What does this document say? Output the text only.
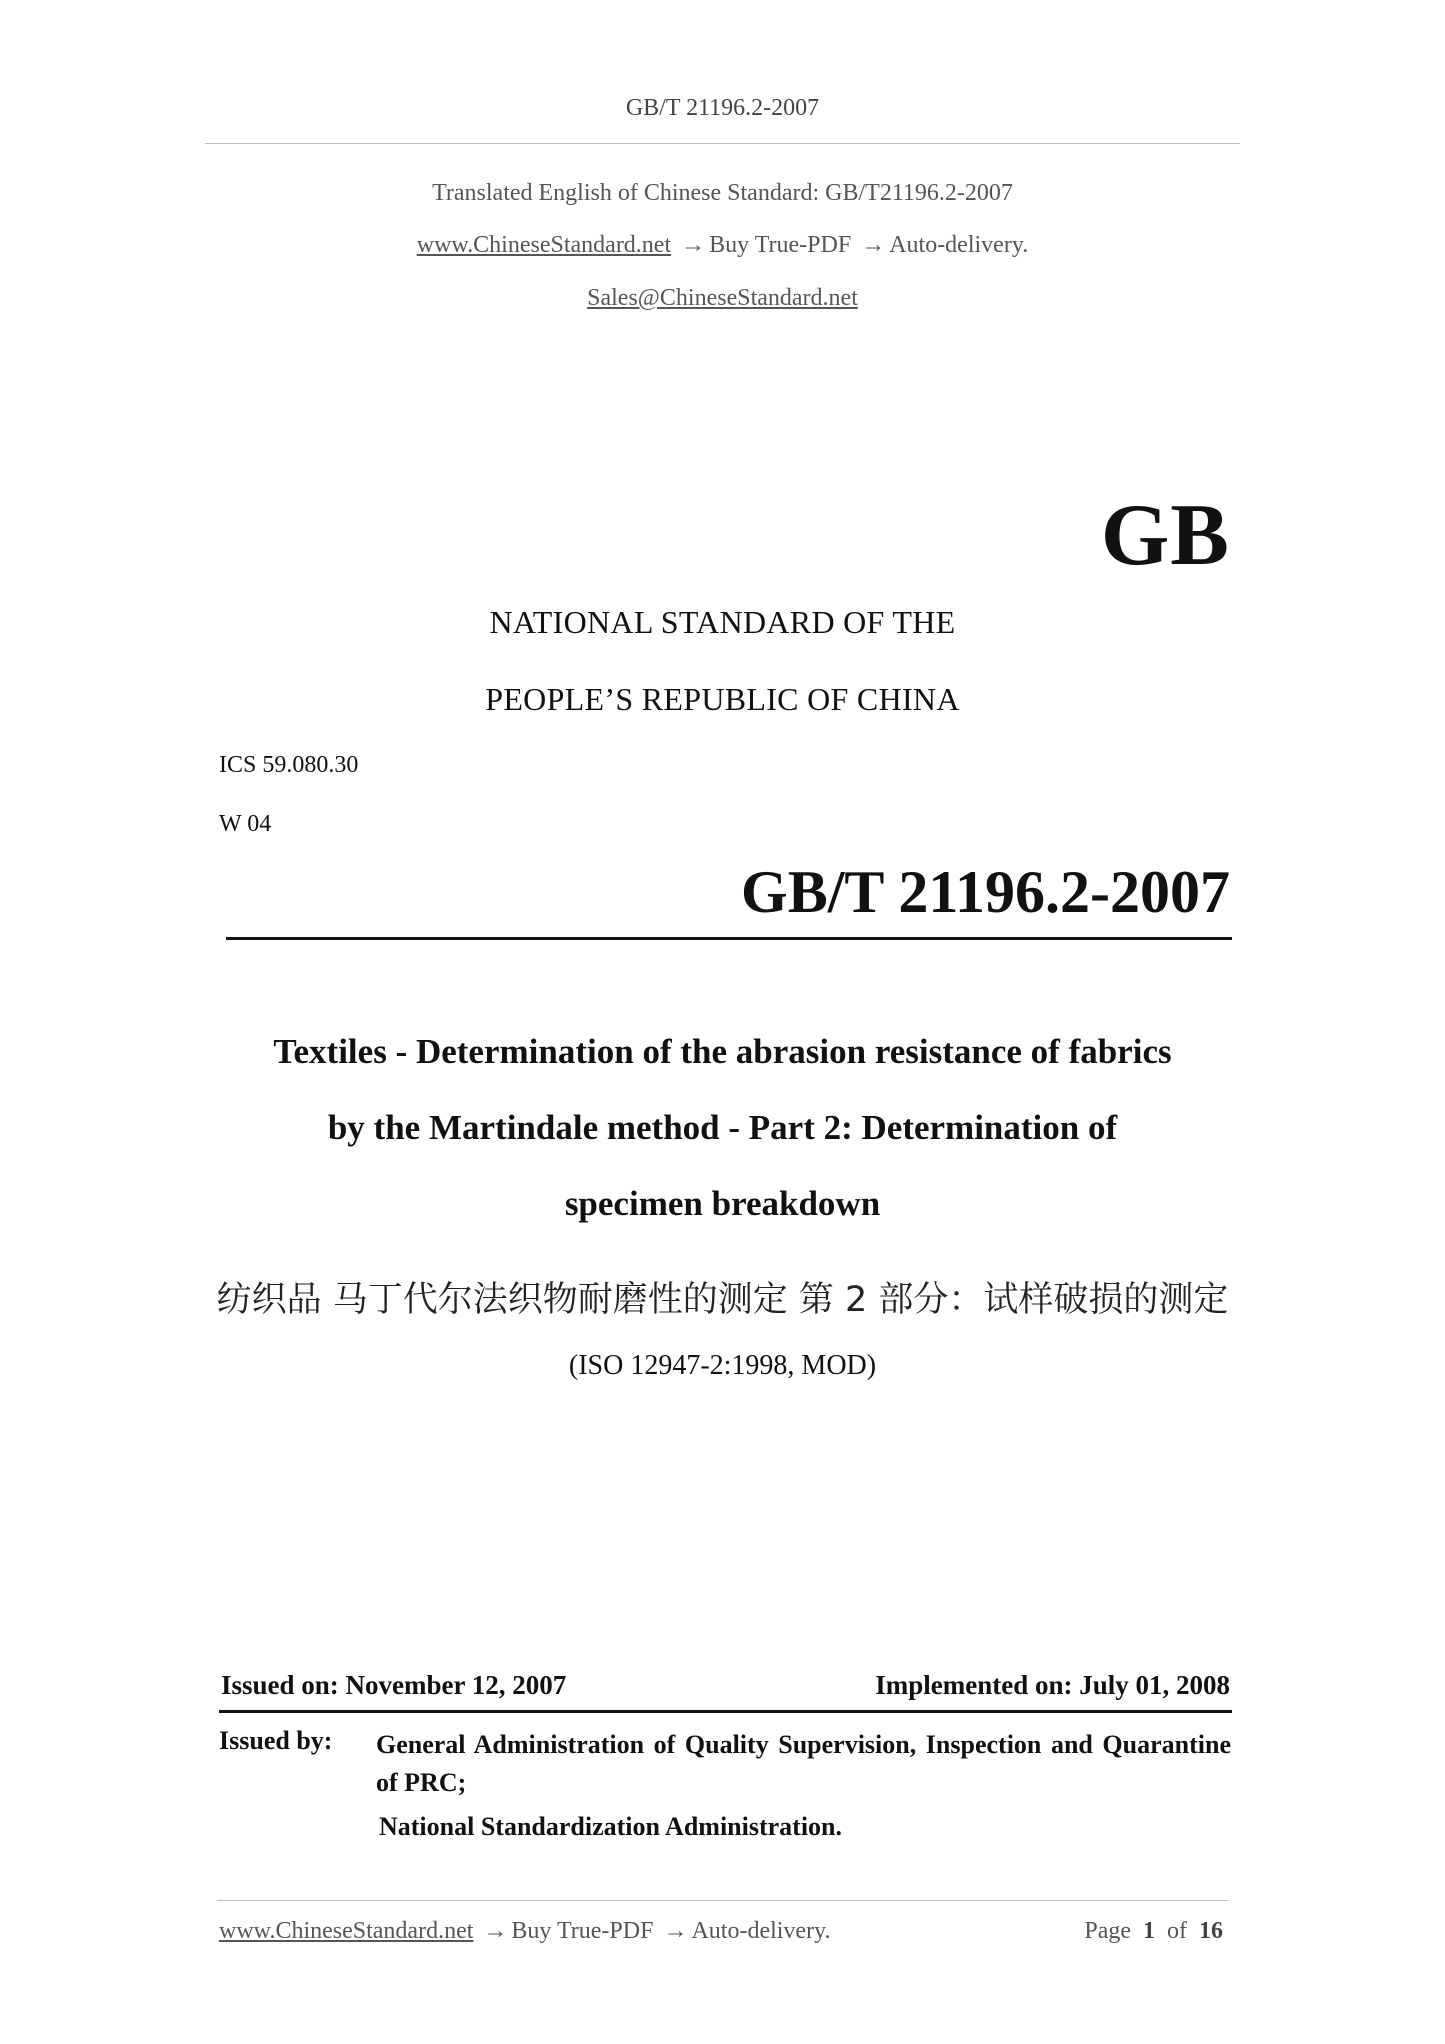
GB/T 21196.2-2007
Translated English of Chinese Standard: GB/T21196.2-2007
www.ChineseStandard.net → Buy True-PDF → Auto-delivery.
Sales@ChineseStandard.net
GB
NATIONAL STANDARD OF THE
PEOPLE’S REPUBLIC OF CHINA
ICS 59.080.30
W 04
GB/T 21196.2-2007
Textiles - Determination of the abrasion resistance of fabrics
by the Martindale method - Part 2: Determination of
specimen breakdown
纺织品 马丁代尔法织物耐磨性的测定 第 2 部分：试样破损的测定
(ISO 12947-2:1998, MOD)
Issued on: November 12, 2007	Implemented on: July 01, 2008
Issued by: General Administration of Quality Supervision, Inspection and Quarantine of PRC;
National Standardization Administration.
www.ChineseStandard.net → Buy True-PDF → Auto-delivery.	Page 1 of 16
